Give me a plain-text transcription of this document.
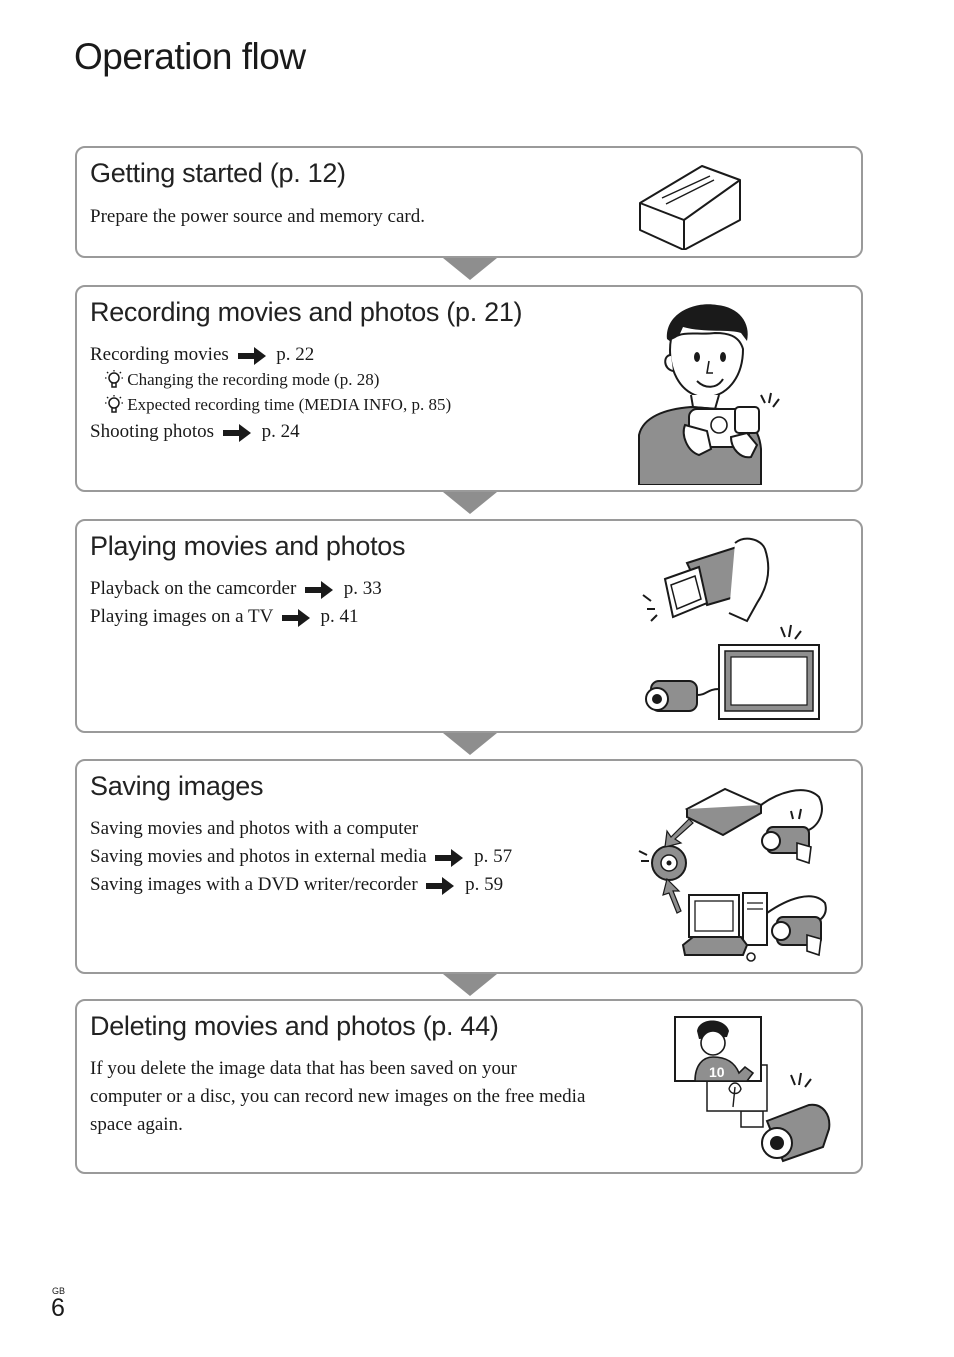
Operation flow
Getting started (p. 12)
Prepare the power source and memory card.
Recording movies and photos (p. 21)
Recording movies	p. 22
Changing the recording mode (p. 28)
Expected recording time (MEDIA INFO, p. 85)
Shooting photos	p. 24
Playing movies and photos
Playback on the camcorder	p. 33
Playing images on a TV	p. 41
Saving images
Saving movies and photos with a computer
Saving movies and photos in external media	p. 57
Saving images with a DVD writer/recorder	p. 59
Deleting movies and photos (p. 44)
If you delete the image data that has been saved on your computer or a disc, you can record new images on the free media space again.
10
GB
6
